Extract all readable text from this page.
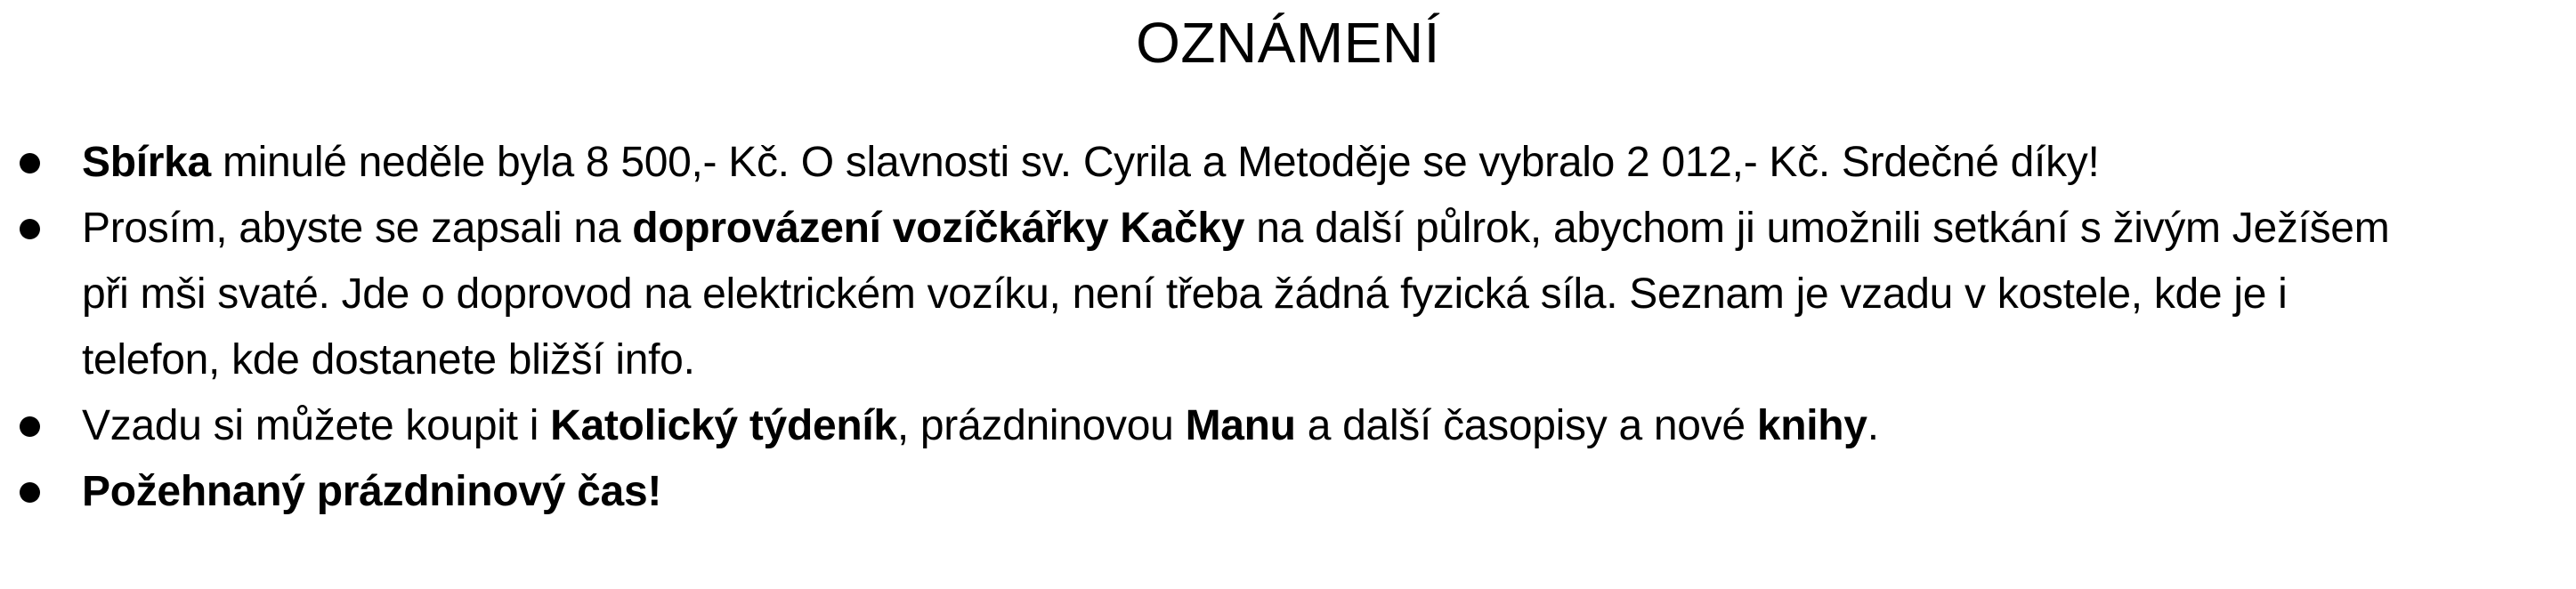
OZNÁMENÍ
Sbírka minulé neděle byla 8 500,- Kč. O slavnosti sv. Cyrila a Metoděje se vybralo 2 012,- Kč. Srdečné díky!
Prosím, abyste se zapsali na doprovázení vozíčkářky Kačky na další půlrok, abychom ji umožnili setkání s živým Ježíšem
při mši svaté. Jde o doprovod na elektrickém vozíku, není třeba žádná fyzická síla. Seznam je vzadu v kostele, kde je i
telefon, kde dostanete bližší info.
Vzadu si můžete koupit i Katolický týdeník, prázdninovou Manu a další časopisy a nové knihy.
Požehnaný prázdninový čas!
